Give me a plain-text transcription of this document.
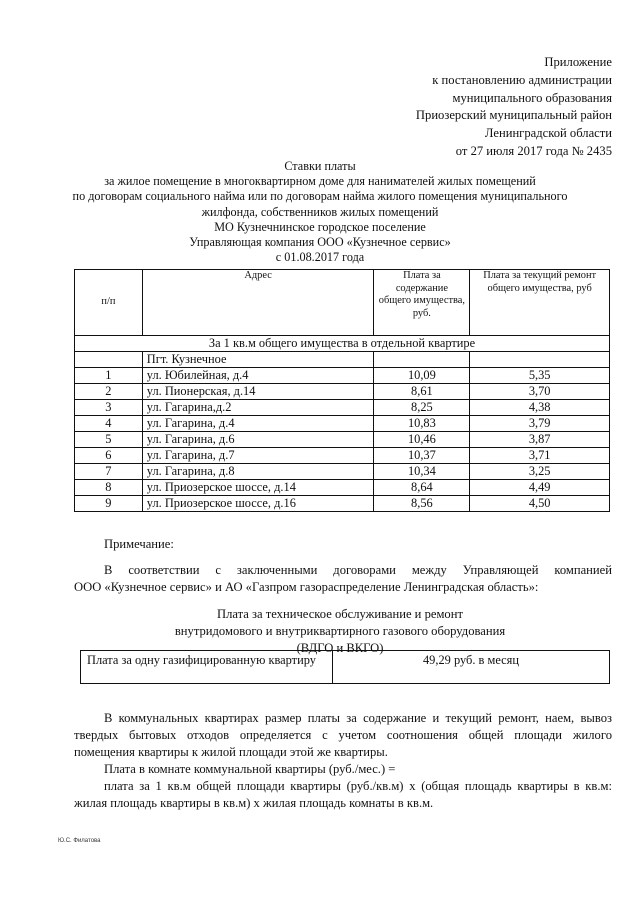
Приложение
к постановлению администрации
муниципального образования
Приозерский муниципальный район
Ленинградской области
от 27 июля 2017 года № 2435
Ставки платы
за жилое помещение в многоквартирном доме для нанимателей жилых помещений
по договорам социального найма или по договорам найма жилого помещения муниципального
жилфонда, собственников жилых помещений
МО Кузнечнинское городское поселение
Управляющая компания ООО «Кузнечное сервис»
с 01.08.2017 года
п/п	Адрес	Плата за содержание общего имущества, руб.	Плата за текущий ремонт общего имущества, руб
За 1 кв.м общего имущества в отдельной квартире			
	Пгт. Кузнечное		
1	ул. Юбилейная, д.4	10,09	5,35
2	ул. Пионерская, д.14	8,61	3,70
3	ул. Гагарина,д.2	8,25	4,38
4	ул. Гагарина, д.4	10,83	3,79
5	ул. Гагарина, д.6	10,46	3,87
6	ул. Гагарина, д.7	10,37	3,71
7	ул. Гагарина, д.8	10,34	3,25
8	ул. Приозерское шоссе, д.14	8,64	4,49
9	ул. Приозерское шоссе, д.16	8,56	4,50
Примечание:
В соответствии с заключенными договорами между Управляющей компанией
ООО «Кузнечное сервис» и АО «Газпром газораспределение Ленинградская область»:
Плата за техническое обслуживание и ремонт
внутридомового и внутриквартирного газового оборудования
(ВДГО и ВКГО)
Плата за одну газифицированную квартиру	49,29 руб. в месяц
В коммунальных квартирах размер платы за содержание и текущий ремонт, наем, вывоз
твердых бытовых отходов определяется с учетом соотношения общей площади жилого
помещения квартиры к жилой площади этой же квартиры.
Плата в комнате коммунальной квартиры (руб./мес.) =
плата за 1 кв.м общей площади квартиры (руб./кв.м) х (общая площадь квартиры в кв.м:
жилая площадь квартиры в кв.м) х жилая площадь комнаты в кв.м.
Ю.С. Филатова
